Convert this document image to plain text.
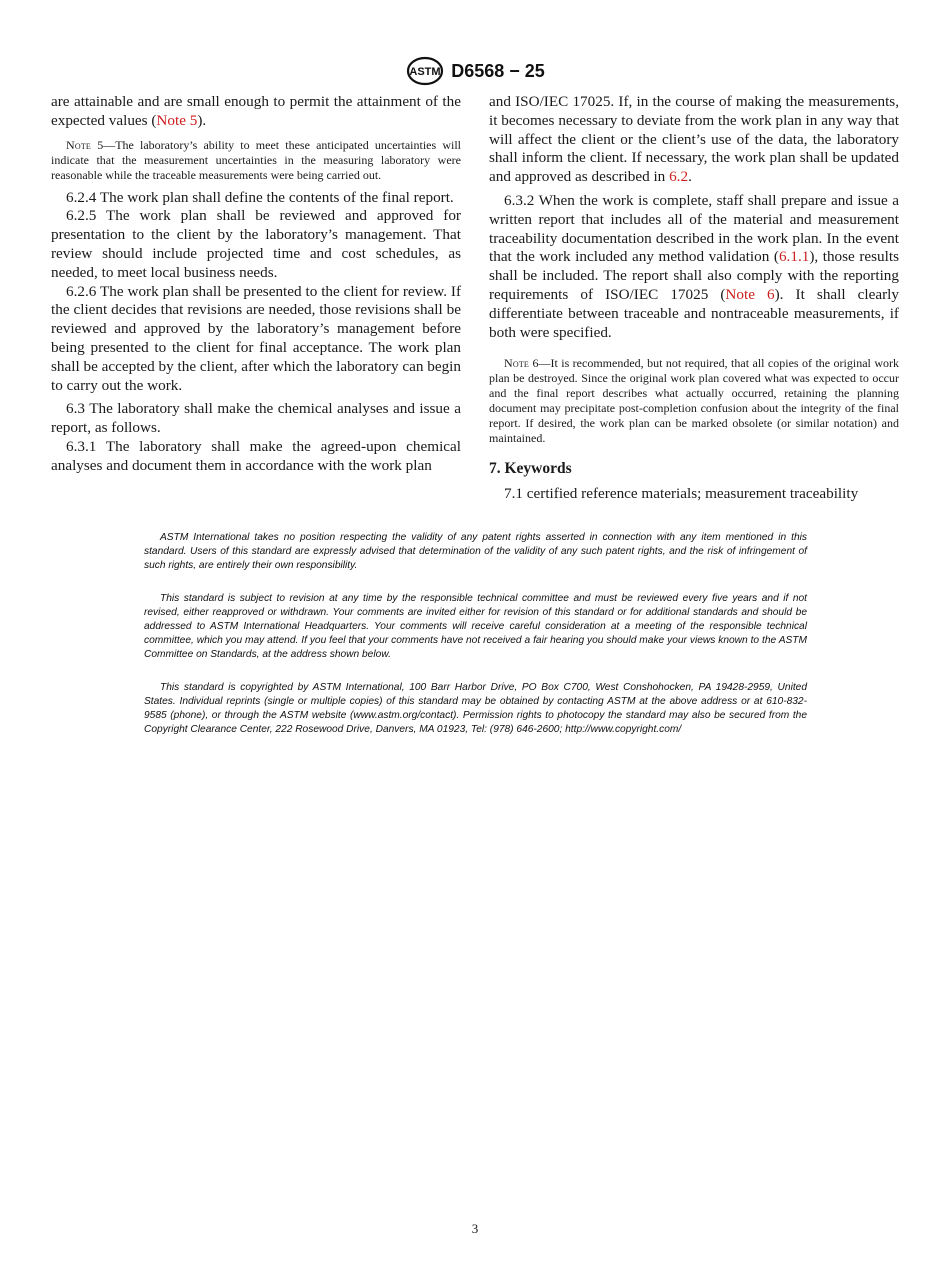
ASTM D6568 − 25

are attainable and are small enough to permit the attainment of the expected values (Note 5).

Note 5—The laboratory’s ability to meet these anticipated uncertainties will indicate that the measurement uncertainties in the measuring laboratory were reasonable while the traceable measurements were being carried out.

6.2.4 The work plan shall define the contents of the final report.

6.2.5 The work plan shall be reviewed and approved for presentation to the client by the laboratory’s management. That review should include projected time and cost schedules, as needed, to meet local business needs.

6.2.6 The work plan shall be presented to the client for review. If the client decides that revisions are needed, those revisions shall be reviewed and approved by the laboratory’s management before being presented to the client for final acceptance. The work plan shall be accepted by the client, after which the laboratory can begin to carry out the work.

6.3 The laboratory shall make the chemical analyses and issue a report, as follows.

6.3.1 The laboratory shall make the agreed-upon chemical analyses and document them in accordance with the work plan

and ISO/IEC 17025. If, in the course of making the measurements, it becomes necessary to deviate from the work plan in any way that will affect the client or the client’s use of the data, the laboratory shall inform the client. If necessary, the work plan shall be updated and approved as described in 6.2.

6.3.2 When the work is complete, staff shall prepare and issue a written report that includes all of the material and measurement traceability documentation described in the work plan. In the event that the work included any method validation (6.1.1), those results shall be included. The report shall also comply with the reporting requirements of ISO/IEC 17025 (Note 6). It shall clearly differentiate between traceable and nontraceable measurements, if both were specified.

Note 6—It is recommended, but not required, that all copies of the original work plan be destroyed. Since the original work plan covered what was expected to occur and the final report describes what actually occurred, retaining the planning document may precipitate post-completion confusion about the integrity of the final report. If desired, the work plan can be marked obsolete (or similar notation) and maintained.

7. Keywords

7.1 certified reference materials; measurement traceability

ASTM International takes no position respecting the validity of any patent rights asserted in connection with any item mentioned in this standard. Users of this standard are expressly advised that determination of the validity of any such patent rights, and the risk of infringement of such rights, are entirely their own responsibility.

This standard is subject to revision at any time by the responsible technical committee and must be reviewed every five years and if not revised, either reapproved or withdrawn. Your comments are invited either for revision of this standard or for additional standards and should be addressed to ASTM International Headquarters. Your comments will receive careful consideration at a meeting of the responsible technical committee, which you may attend. If you feel that your comments have not received a fair hearing you should make your views known to the ASTM Committee on Standards, at the address shown below.

This standard is copyrighted by ASTM International, 100 Barr Harbor Drive, PO Box C700, West Conshohocken, PA 19428-2959, United States. Individual reprints (single or multiple copies) of this standard may be obtained by contacting ASTM at the above address or at 610-832-9585 (phone), or through the ASTM website (www.astm.org/contact). Permission rights to photocopy the standard may also be secured from the Copyright Clearance Center, 222 Rosewood Drive, Danvers, MA 01923, Tel: (978) 646-2600; http://www.copyright.com/

3
